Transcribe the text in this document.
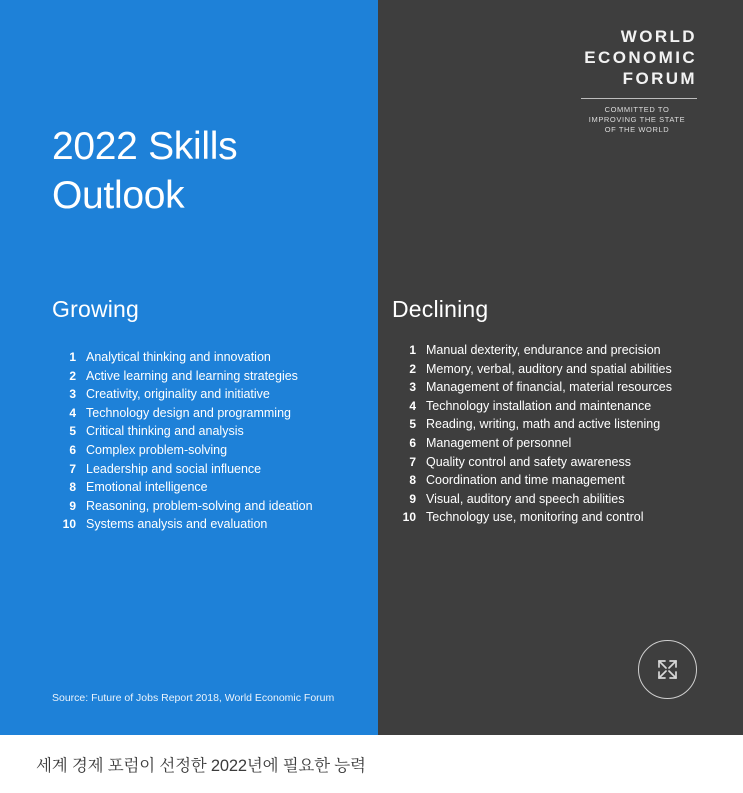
2022 Skills
Outlook
Growing
1 Analytical thinking and innovation
2 Active learning and learning strategies
3 Creativity, originality and initiative
4 Technology design and programming
5 Critical thinking and analysis
6 Complex problem-solving
7 Leadership and social influence
8 Emotional intelligence
9 Reasoning, problem-solving and ideation
10 Systems analysis and evaluation
Source: Future of Jobs Report 2018, World Economic Forum
WORLD
ECONOMIC
FORUM
COMMITTED TO
IMPROVING THE STATE
OF THE WORLD
Declining
1 Manual dexterity, endurance and precision
2 Memory, verbal, auditory and spatial abilities
3 Management of financial, material resources
4 Technology installation and maintenance
5 Reading, writing, math and active listening
6 Management of personnel
7 Quality control and safety awareness
8 Coordination and time management
9 Visual, auditory and speech abilities
10 Technology use, monitoring and control
세계 경제 포럼이 선정한 2022년에 필요한 능력
